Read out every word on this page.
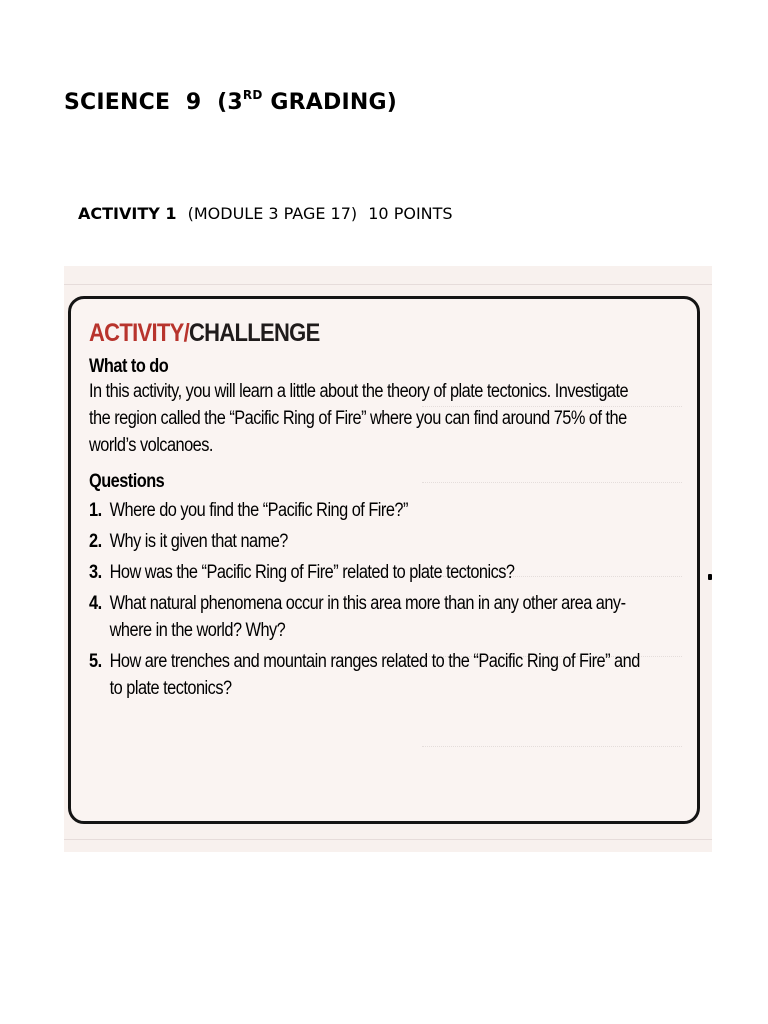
SCIENCE 9 (3RD GRADING)
ACTIVITY 1 (MODULE 3 PAGE 17) 10 POINTS
ACTIVITY/CHALLENGE
What to do
In this activity, you will learn a little about the theory of plate tectonics. Investigate
the region called the “Pacific Ring of Fire” where you can find around 75% of the
world’s volcanoes.
Questions
1. Where do you find the “Pacific Ring of Fire?”
2. Why is it given that name?
3. How was the “Pacific Ring of Fire” related to plate tectonics?
4. What natural phenomena occur in this area more than in any other area any-
where in the world? Why?
5. How are trenches and mountain ranges related to the “Pacific Ring of Fire” and
to plate tectonics?
